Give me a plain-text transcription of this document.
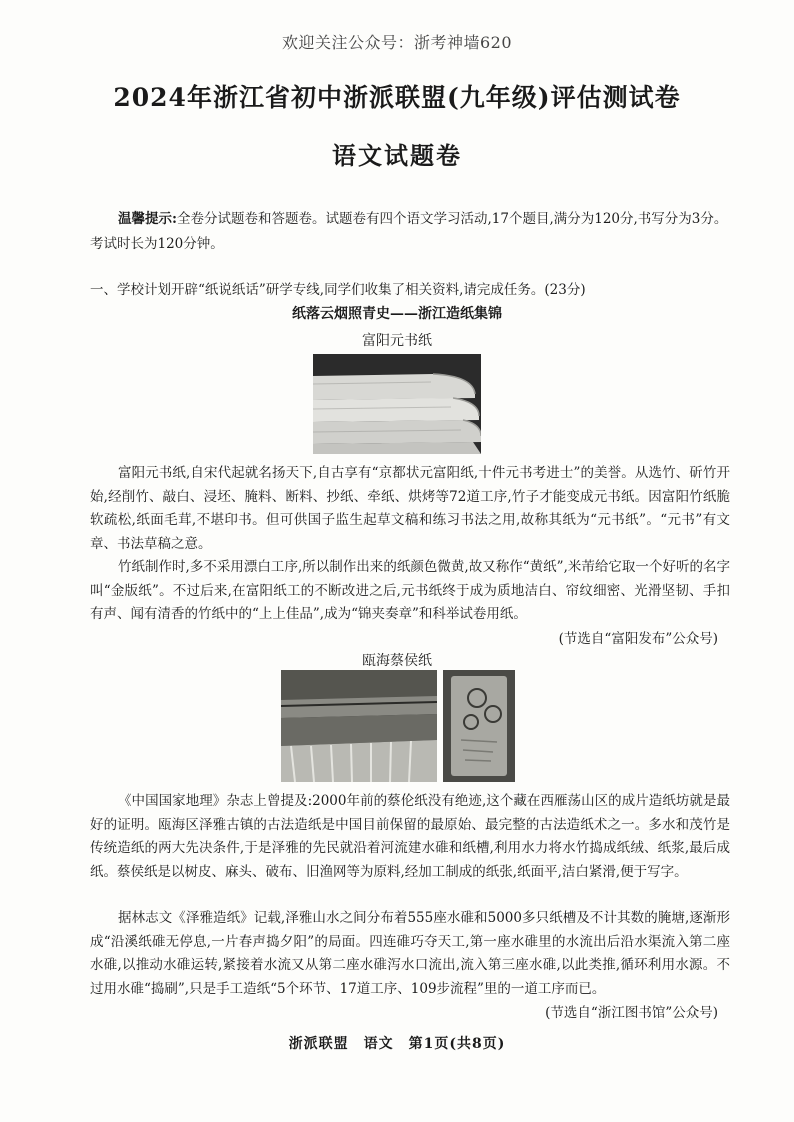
欢迎关注公众号：浙考神墙620
2024年浙江省初中浙派联盟(九年级)评估测试卷
语文试题卷
温馨提示:全卷分试题卷和答题卷。试题卷有四个语文学习活动,17个题目,满分为120分,书写分为3分。考试时长为120分钟。
一、学校计划开辟“纸说纸话”研学专线,同学们收集了相关资料,请完成任务。(23分)
纸落云烟照青史——浙江造纸集锦
富阳元书纸
富阳元书纸,自宋代起就名扬天下,自古享有“京都状元富阳纸,十件元书考进士”的美誉。从选竹、斫竹开始,经削竹、敲白、浸坯、腌料、断料、抄纸、牵纸、烘烤等72道工序,竹子才能变成元书纸。因富阳竹纸脆软疏松,纸面毛茸,不堪印书。但可供国子监生起草文稿和练习书法之用,故称其纸为“元书纸”。“元书”有文章、书法草稿之意。
竹纸制作时,多不采用漂白工序,所以制作出来的纸颜色微黄,故又称作“黄纸”,米芾给它取一个好听的名字叫“金版纸”。不过后来,在富阳纸工的不断改进之后,元书纸终于成为质地洁白、帘纹细密、光滑坚韧、手扣有声、闻有清香的竹纸中的“上上佳品”,成为“锦夹奏章”和科举试卷用纸。
(节选自“富阳发布”公众号)
瓯海蔡侯纸
《中国国家地理》杂志上曾提及:2000年前的蔡伦纸没有绝迹,这个藏在西雁荡山区的成片造纸坊就是最好的证明。瓯海区泽雅古镇的古法造纸是中国目前保留的最原始、最完整的古法造纸术之一。多水和茂竹是传统造纸的两大先决条件,于是泽雅的先民就沿着河流建水碓和纸槽,利用水力将水竹捣成纸绒、纸浆,最后成纸。蔡侯纸是以树皮、麻头、破布、旧渔网等为原料,经加工制成的纸张,纸面平,洁白紧滑,便于写字。
据林志文《泽雅造纸》记载,泽雅山水之间分布着555座水碓和5000多只纸槽及不计其数的腌塘,逐渐形成“沿溪纸碓无停息,一片春声捣夕阳”的局面。四连碓巧夺天工,第一座水碓里的水流出后沿水渠流入第二座水碓,以推动水碓运转,紧接着水流又从第二座水碓泻水口流出,流入第三座水碓,以此类推,循环利用水源。不过用水碓“捣刷”,只是手工造纸“5个环节、17道工序、109步流程”里的一道工序而已。
(节选自“浙江图书馆”公众号)
浙派联盟　语文　第1页(共8页)
